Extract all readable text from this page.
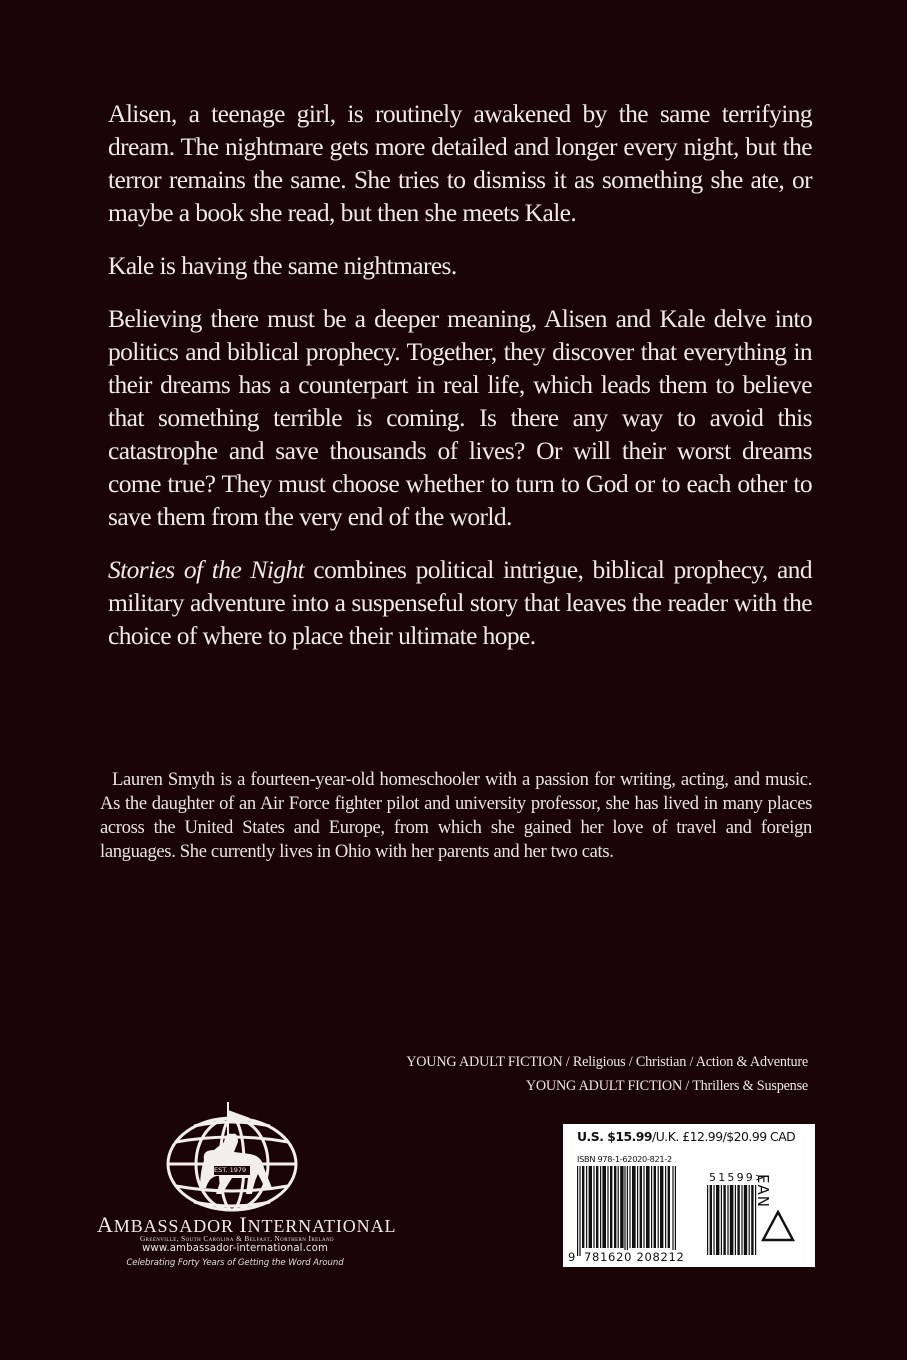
Alisen, a teenage girl, is routinely awakened by the same terrifying dream. The nightmare gets more detailed and longer every night, but the terror remains the same. She tries to dismiss it as something she ate, or maybe a book she read, but then she meets Kale.

Kale is having the same nightmares.

Believing there must be a deeper meaning, Alisen and Kale delve into politics and biblical prophecy. Together, they discover that everything in their dreams has a counterpart in real life, which leads them to believe that something terrible is coming. Is there any way to avoid this catastrophe and save thousands of lives? Or will their worst dreams come true? They must choose whether to turn to God or to each other to save them from the very end of the world.

Stories of the Night combines political intrigue, biblical prophecy, and military adventure into a suspenseful story that leaves the reader with the choice of where to place their ultimate hope.

Lauren Smyth is a fourteen-year-old homeschooler with a passion for writing, acting, and music. As the daughter of an Air Force fighter pilot and university professor, she has lived in many places across the United States and Europe, from which she gained her love of travel and foreign languages. She currently lives in Ohio with her parents and her two cats.
YOUNG ADULT FICTION / Religious / Christian / Action & Adventure
YOUNG ADULT FICTION / Thrillers & Suspense
EST. 1979
AMBASSADOR INTERNATIONAL
Greenville, South Carolina & Belfast, Northern Ireland
www.ambassador-international.com
Celebrating Forty Years of Getting the Word Around
U.S. $15.99/U.K. £12.99/$20.99 CAD
ISBN 978-1-62020-821-2
9 781620 208212
51599>
EAN
